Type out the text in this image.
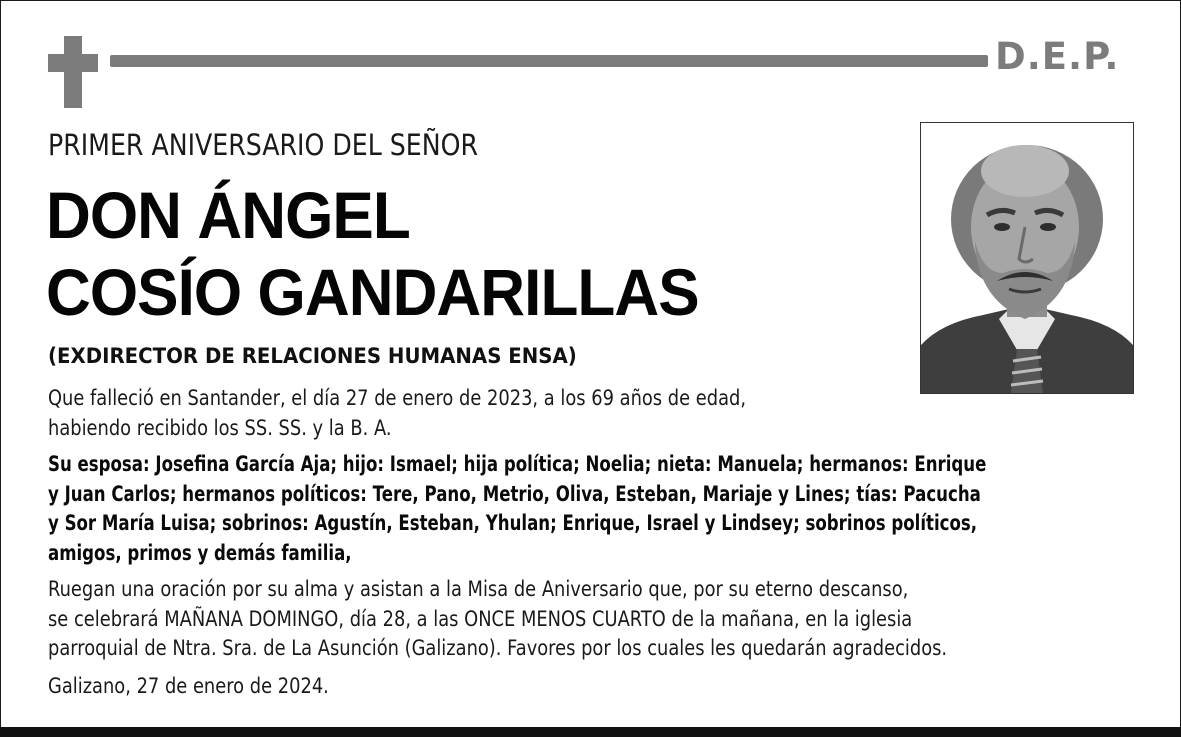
D.E.P.
PRIMER ANIVERSARIO DEL SEÑOR
DON ÁNGEL
COSÍO GANDARILLAS
(EXDIRECTOR DE RELACIONES HUMANAS ENSA)
Que falleció en Santander, el día 27 de enero de 2023, a los 69 años de edad,
habiendo recibido los SS. SS. y la B. A.
Su esposa: Josefina García Aja; hijo: Ismael; hija política; Noelia; nieta: Manuela; hermanos: Enrique
y Juan Carlos; hermanos políticos: Tere, Pano, Metrio, Oliva, Esteban, Mariaje y Lines; tías: Pacucha
y Sor María Luisa; sobrinos: Agustín, Esteban, Yhulan; Enrique, Israel y Lindsey; sobrinos políticos,
amigos, primos y demás familia,
Ruegan una oración por su alma y asistan a la Misa de Aniversario que, por su eterno descanso,
se celebrará MAÑANA DOMINGO, día 28, a las ONCE MENOS CUARTO de la mañana, en la iglesia
parroquial de Ntra. Sra. de La Asunción (Galizano). Favores por los cuales les quedarán agradecidos.
Galizano, 27 de enero de 2024.
